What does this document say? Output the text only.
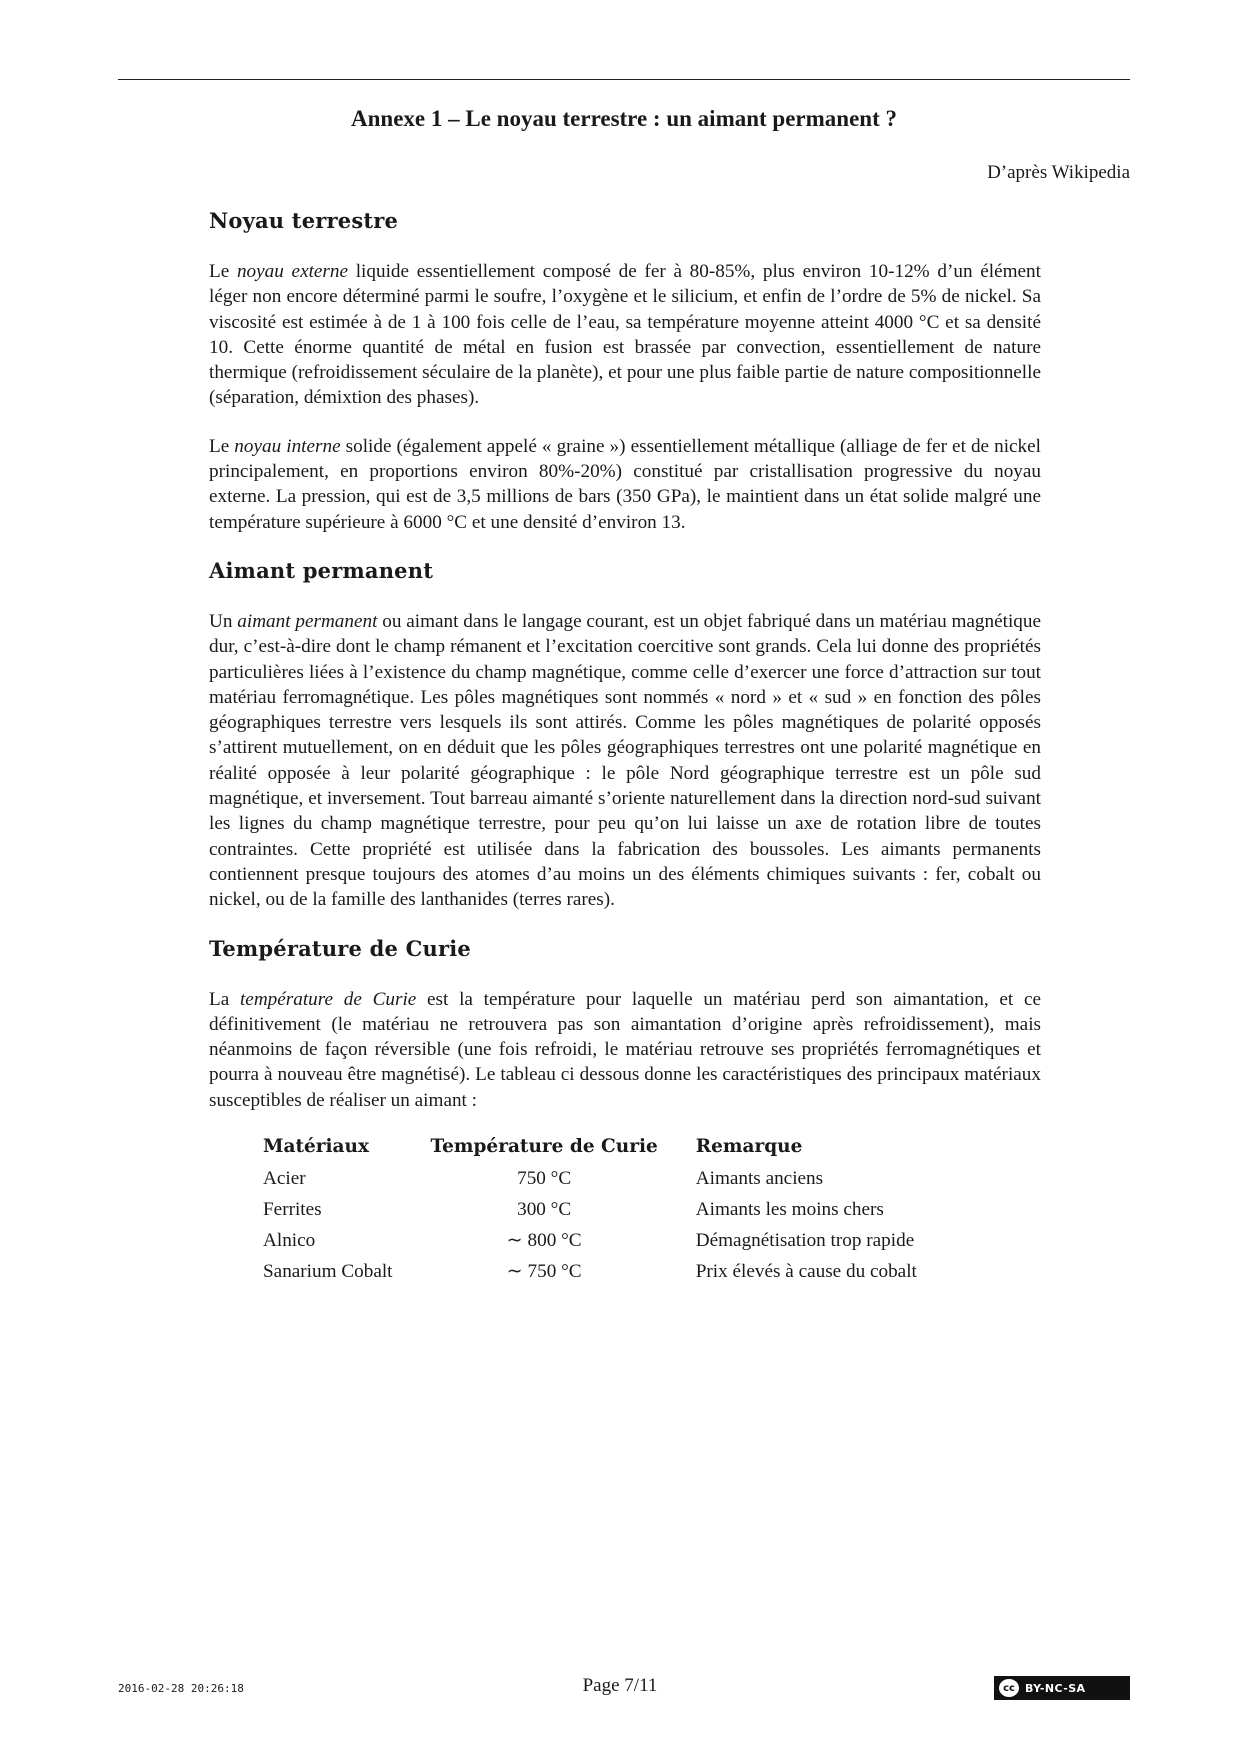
Annexe 1 – Le noyau terrestre : un aimant permanent ?
D’après Wikipedia
Noyau terrestre

Le noyau externe liquide essentiellement composé de fer à 80-85%, plus environ 10-12% d’un élément léger non encore déterminé parmi le soufre, l’oxygène et le silicium, et enfin de l’ordre de 5% de nickel. Sa viscosité est estimée à de 1 à 100 fois celle de l’eau, sa température moyenne atteint 4000 °C et sa densité 10. Cette énorme quantité de métal en fusion est brassée par convection, essentiellement de nature thermique (refroidissement séculaire de la planète), et pour une plus faible partie de nature compositionnelle (séparation, démixtion des phases).

Le noyau interne solide (également appelé « graine ») essentiellement métallique (alliage de fer et de nickel principalement, en proportions environ 80%-20%) constitué par cristallisation progressive du noyau externe. La pression, qui est de 3,5 millions de bars (350 GPa), le maintient dans un état solide malgré une température supérieure à 6000 °C et une densité d’environ 13.

Aimant permanent

Un aimant permanent ou aimant dans le langage courant, est un objet fabriqué dans un matériau magnétique dur, c’est-à-dire dont le champ rémanent et l’excitation coercitive sont grands. Cela lui donne des propriétés particulières liées à l’existence du champ magnétique, comme celle d’exercer une force d’attraction sur tout matériau ferromagnétique. Les pôles magnétiques sont nommés « nord » et « sud » en fonction des pôles géographiques terrestre vers lesquels ils sont attirés. Comme les pôles magnétiques de polarité opposés s’attirent mutuellement, on en déduit que les pôles géographiques terrestres ont une polarité magnétique en réalité opposée à leur polarité géographique : le pôle Nord géographique terrestre est un pôle sud magnétique, et inversement. Tout barreau aimanté s’oriente naturellement dans la direction nord-sud suivant les lignes du champ magnétique terrestre, pour peu qu’on lui laisse un axe de rotation libre de toutes contraintes. Cette propriété est utilisée dans la fabrication des boussoles. Les aimants permanents contiennent presque toujours des atomes d’au moins un des éléments chimiques suivants : fer, cobalt ou nickel, ou de la famille des lanthanides (terres rares).

Température de Curie

La température de Curie est la température pour laquelle un matériau perd son aimantation, et ce définitivement (le matériau ne retrouvera pas son aimantation d’origine après refroidissement), mais néanmoins de façon réversible (une fois refroidi, le matériau retrouve ses propriétés ferromagnétiques et pourra à nouveau être magnétisé). Le tableau ci dessous donne les caractéristiques des principaux matériaux susceptibles de réaliser un aimant :

Matériaux	Température de Curie	Remarque
Acier	750 °C	Aimants anciens
Ferrites	300 °C	Aimants les moins chers
Alnico	∼ 800 °C	Démagnétisation trop rapide
Sanarium Cobalt	∼ 750 °C	Prix élevés à cause du cobalt
2016-02-28 20:26:18	Page 7/11	cc BY-NC-SA
